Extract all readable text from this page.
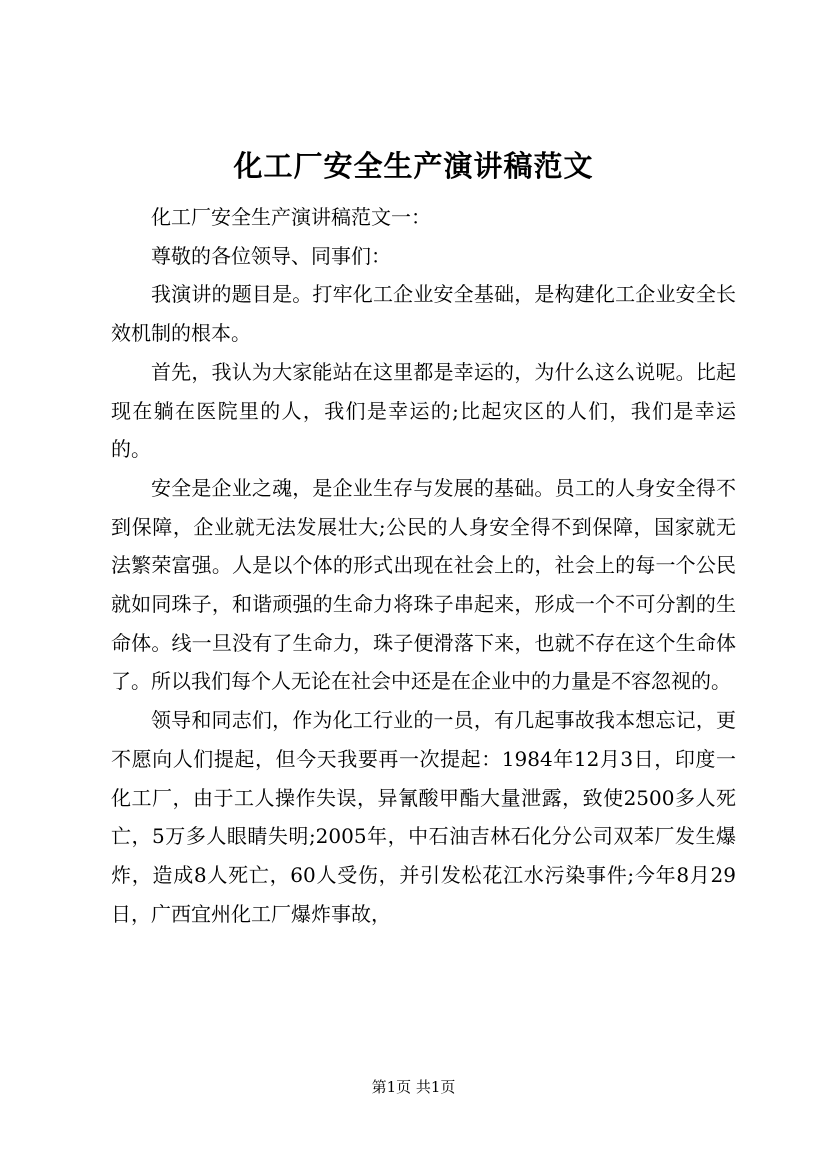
化工厂安全生产演讲稿范文

化工厂安全生产演讲稿范文一：

尊敬的各位领导、同事们：

我演讲的题目是。打牢化工企业安全基础，是构建化工企业安全长效机制的根本。

首先，我认为大家能站在这里都是幸运的，为什么这么说呢。比起现在躺在医院里的人，我们是幸运的;比起灾区的人们，我们是幸运的。

安全是企业之魂，是企业生存与发展的基础。员工的人身安全得不到保障，企业就无法发展壮大;公民的人身安全得不到保障，国家就无法繁荣富强。人是以个体的形式出现在社会上的，社会上的每一个公民就如同珠子，和谐顽强的生命力将珠子串起来，形成一个不可分割的生命体。线一旦没有了生命力，珠子便滑落下来，也就不存在这个生命体了。所以我们每个人无论在社会中还是在企业中的力量是不容忽视的。

领导和同志们，作为化工行业的一员，有几起事故我本想忘记，更不愿向人们提起，但今天我要再一次提起：1984年12月3日，印度一化工厂，由于工人操作失误，异氰酸甲酯大量泄露，致使2500多人死亡，5万多人眼睛失明;2005年，中石油吉林石化分公司双苯厂发生爆炸，造成8人死亡，60人受伤，并引发松花江水污染事件;今年8月29日，广西宜州化工厂爆炸事故，

第1页 共1页
